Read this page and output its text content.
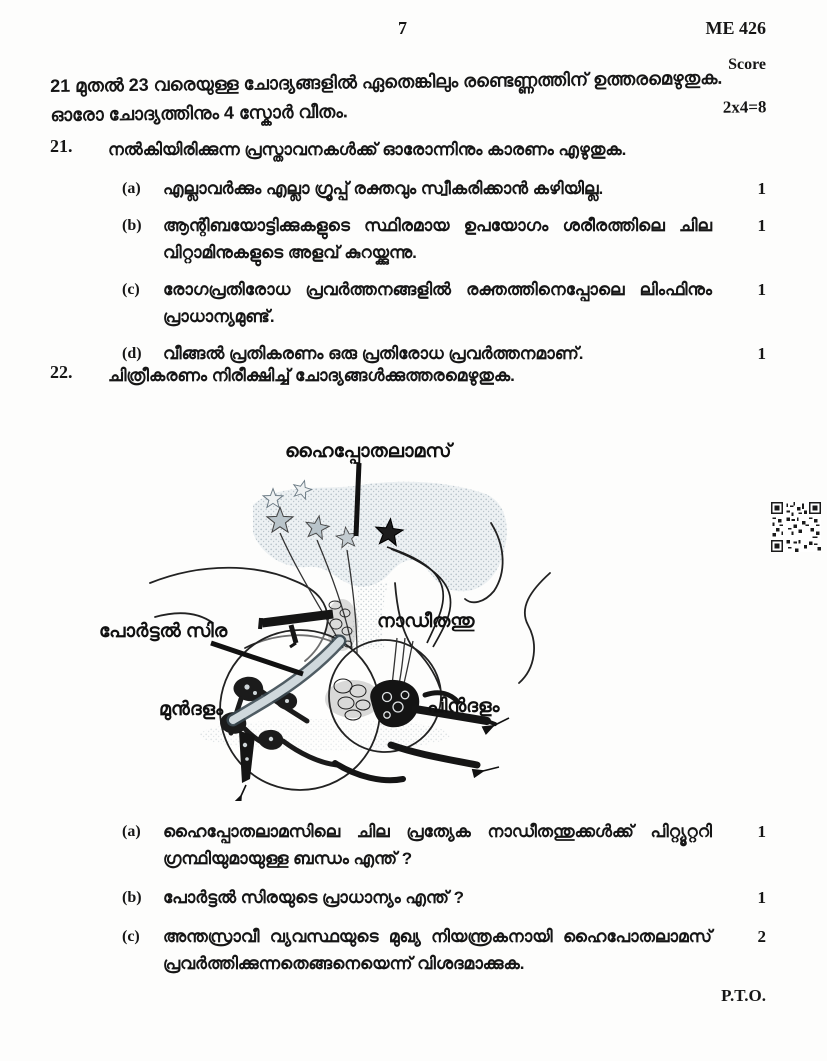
7	ME 426
Score
21 മുതൽ 23 വരെയുള്ള ചോദ്യങ്ങളിൽ ഏതെങ്കിലും രണ്ടെണ്ണത്തിന് ഉത്തരമെഴുതുക.
ഓരോ ചോദ്യത്തിനും 4 സ്കോർ വീതം.	2x4=8
21.	നൽകിയിരിക്കുന്ന പ്രസ്താവനകൾക്ക് ഓരോന്നിനും കാരണം എഴുതുക.
(a)	എല്ലാവർക്കും എല്ലാ ഗ്രൂപ്പ് രക്തവും സ്വീകരിക്കാൻ കഴിയില്ല.	1
(b)	ആന്റിബയോട്ടിക്കുകളുടെ സ്ഥിരമായ ഉപയോഗം ശരീരത്തിലെ ചില വിറ്റാമിനുകളുടെ അളവ് കുറയ്ക്കുന്നു.
1
(c)	രോഗപ്രതിരോധ പ്രവർത്തനങ്ങളിൽ രക്തത്തിനെപ്പോലെ ലിംഫിനും പ്രാധാന്യമുണ്ട്.
1
(d)	വീങ്ങൽ പ്രതികരണം ഒരു പ്രതിരോധ പ്രവർത്തനമാണ്.	1
22.	ചിത്രീകരണം നിരീക്ഷിച്ച് ചോദ്യങ്ങൾക്കുത്തരമെഴുതുക.
ഹൈപ്പോതലാമസ്
നാഡീതന്തു
പോർട്ടൽ സിര
മുൻദളം	പിൻദളം
(a)	ഹൈപ്പോതലാമസിലെ ചില പ്രത്യേക നാഡീതന്തുക്കൾക്ക് പിറ്റ്യൂറ്ററി ഗ്രന്ഥിയുമായുള്ള ബന്ധം എന്ത് ?
1
(b)	പോർട്ടൽ സിരയുടെ പ്രാധാന്യം എന്ത് ?	1
(c)	അന്തസ്രാവീ വ്യവസ്ഥയുടെ മുഖ്യ നിയന്ത്രകനായി ഹൈപോതലാമസ് പ്രവർത്തിക്കുന്നതെങ്ങനെയെന്ന് വിശദമാക്കുക.
2
P.T.O.
